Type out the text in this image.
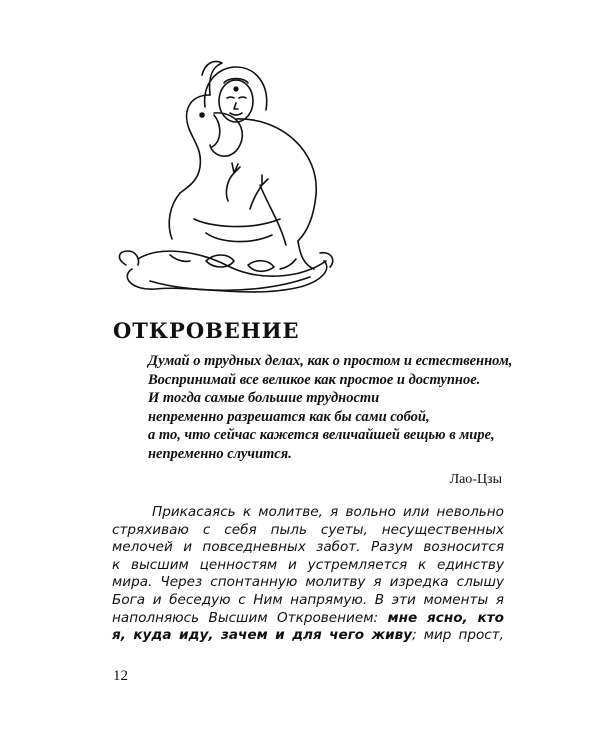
ОТКРОВЕНИЕ
Думай о трудных делах, как о простом и естественном,
Воспринимай все великое как простое и доступное.
И тогда самые большие трудности
непременно разрешатся как бы сами собой,
а то, что сейчас кажется величайшей вещью в мире,
непременно случится.
Лао-Цзы
Прикасаясь к молитве, я вольно или невольно
стряхиваю с себя пыль суеты, несущественных
мелочей и повседневных забот. Разум возносится
к высшим ценностям и устремляется к единству
мира. Через спонтанную молитву я изредка слышу
Бога и беседую с Ним напрямую. В эти моменты я
наполняюсь Высшим Откровением: мне ясно, кто
я, куда иду, зачем и для чего живу; мир прост,
12
